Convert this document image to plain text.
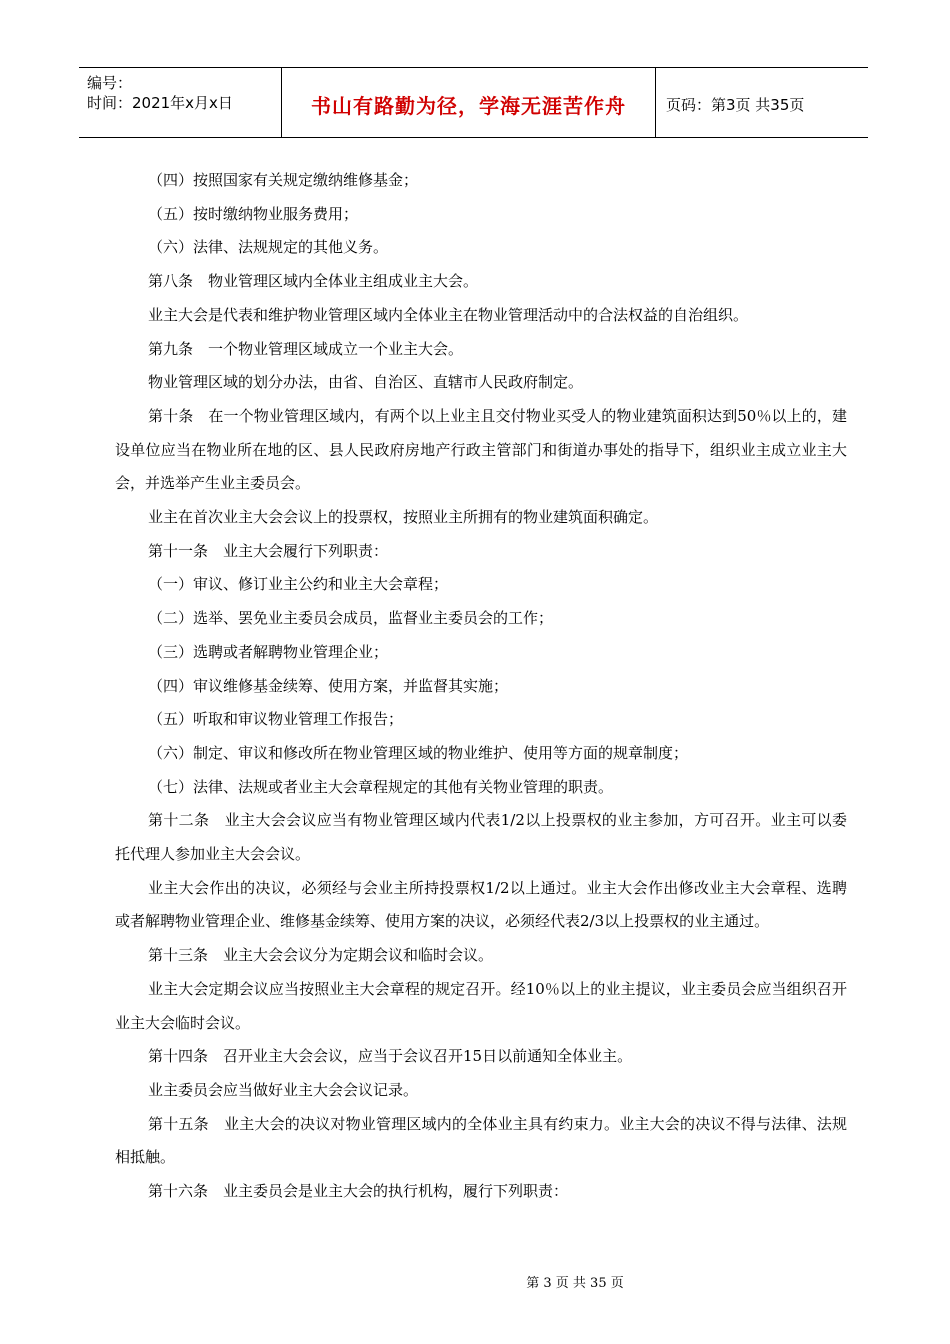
编号：
时间：2021年x月x日	书山有路勤为径，学海无涯苦作舟	页码：第3页 共35页

（四）按照国家有关规定缴纳维修基金；

（五）按时缴纳物业服务费用；

（六）法律、法规规定的其他义务。

第八条　物业管理区域内全体业主组成业主大会。

业主大会是代表和维护物业管理区域内全体业主在物业管理活动中的合法权益的自治组织。

第九条　一个物业管理区域成立一个业主大会。

物业管理区域的划分办法，由省、自治区、直辖市人民政府制定。

第十条　在一个物业管理区域内，有两个以上业主且交付物业买受人的物业建筑面积达到50％以上的，建设单位应当在物业所在地的区、县人民政府房地产行政主管部门和街道办事处的指导下，组织业主成立业主大会，并选举产生业主委员会。

业主在首次业主大会会议上的投票权，按照业主所拥有的物业建筑面积确定。

第十一条　业主大会履行下列职责：

（一）审议、修订业主公约和业主大会章程；

（二）选举、罢免业主委员会成员，监督业主委员会的工作；

（三）选聘或者解聘物业管理企业；

（四）审议维修基金续筹、使用方案，并监督其实施；

（五）听取和审议物业管理工作报告；

（六）制定、审议和修改所在物业管理区域的物业维护、使用等方面的规章制度；

（七）法律、法规或者业主大会章程规定的其他有关物业管理的职责。

第十二条　业主大会会议应当有物业管理区域内代表1/2以上投票权的业主参加，方可召开。业主可以委托代理人参加业主大会会议。

业主大会作出的决议，必须经与会业主所持投票权1/2以上通过。业主大会作出修改业主大会章程、选聘或者解聘物业管理企业、维修基金续筹、使用方案的决议，必须经代表2/3以上投票权的业主通过。

第十三条　业主大会会议分为定期会议和临时会议。

业主大会定期会议应当按照业主大会章程的规定召开。经10％以上的业主提议，业主委员会应当组织召开业主大会临时会议。

第十四条　召开业主大会会议，应当于会议召开15日以前通知全体业主。

业主委员会应当做好业主大会会议记录。

第十五条　业主大会的决议对物业管理区域内的全体业主具有约束力。业主大会的决议不得与法律、法规相抵触。

第十六条　业主委员会是业主大会的执行机构，履行下列职责：

第 3 页 共 35 页
